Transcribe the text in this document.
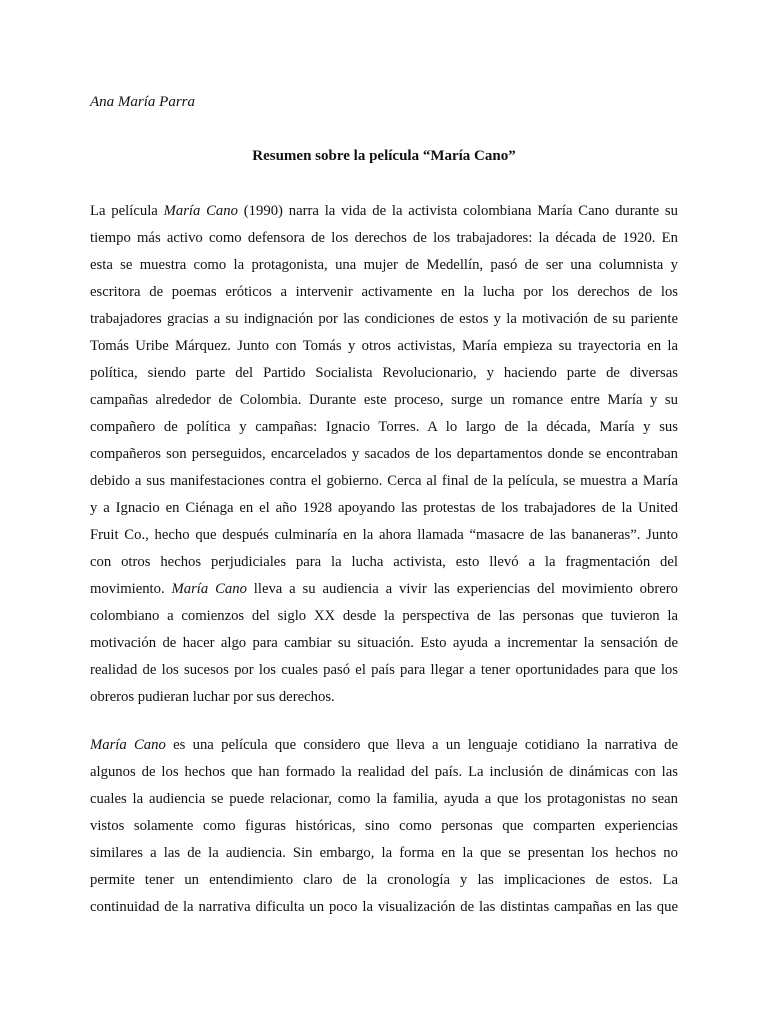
Ana María Parra
Resumen sobre la película “María Cano”
La película María Cano (1990) narra la vida de la activista colombiana María Cano durante su
tiempo más activo como defensora de los derechos de los trabajadores: la década de 1920. En
esta se muestra como la protagonista, una mujer de Medellín, pasó de ser una columnista y
escritora de poemas eróticos a intervenir activamente en la lucha por los derechos de los
trabajadores gracias a su indignación por las condiciones de estos y la motivación de su pariente
Tomás Uribe Márquez. Junto con Tomás y otros activistas, María empieza su trayectoria en la
política, siendo parte del Partido Socialista Revolucionario, y haciendo parte de diversas
campañas alrededor de Colombia. Durante este proceso, surge un romance entre María y su
compañero de política y campañas: Ignacio Torres. A lo largo de la década, María y sus
compañeros son perseguidos, encarcelados y sacados de los departamentos donde se encontraban
debido a sus manifestaciones contra el gobierno. Cerca al final de la película, se muestra a María
y a Ignacio en Ciénaga en el año 1928 apoyando las protestas de los trabajadores de la United
Fruit Co., hecho que después culminaría en la ahora llamada “masacre de las bananeras”. Junto
con otros hechos perjudiciales para la lucha activista, esto llevó a la fragmentación del
movimiento. María Cano lleva a su audiencia a vivir las experiencias del movimiento obrero
colombiano a comienzos del siglo XX desde la perspectiva de las personas que tuvieron la
motivación de hacer algo para cambiar su situación. Esto ayuda a incrementar la sensación de
realidad de los sucesos por los cuales pasó el país para llegar a tener oportunidades para que los
obreros pudieran luchar por sus derechos.
María Cano es una película que considero que lleva a un lenguaje cotidiano la narrativa de
algunos de los hechos que han formado la realidad del país. La inclusión de dinámicas con las
cuales la audiencia se puede relacionar, como la familia, ayuda a que los protagonistas no sean
vistos solamente como figuras históricas, sino como personas que comparten experiencias
similares a las de la audiencia. Sin embargo, la forma en la que se presentan los hechos no
permite tener un entendimiento claro de la cronología y las implicaciones de estos. La
continuidad de la narrativa dificulta un poco la visualización de las distintas campañas en las que
